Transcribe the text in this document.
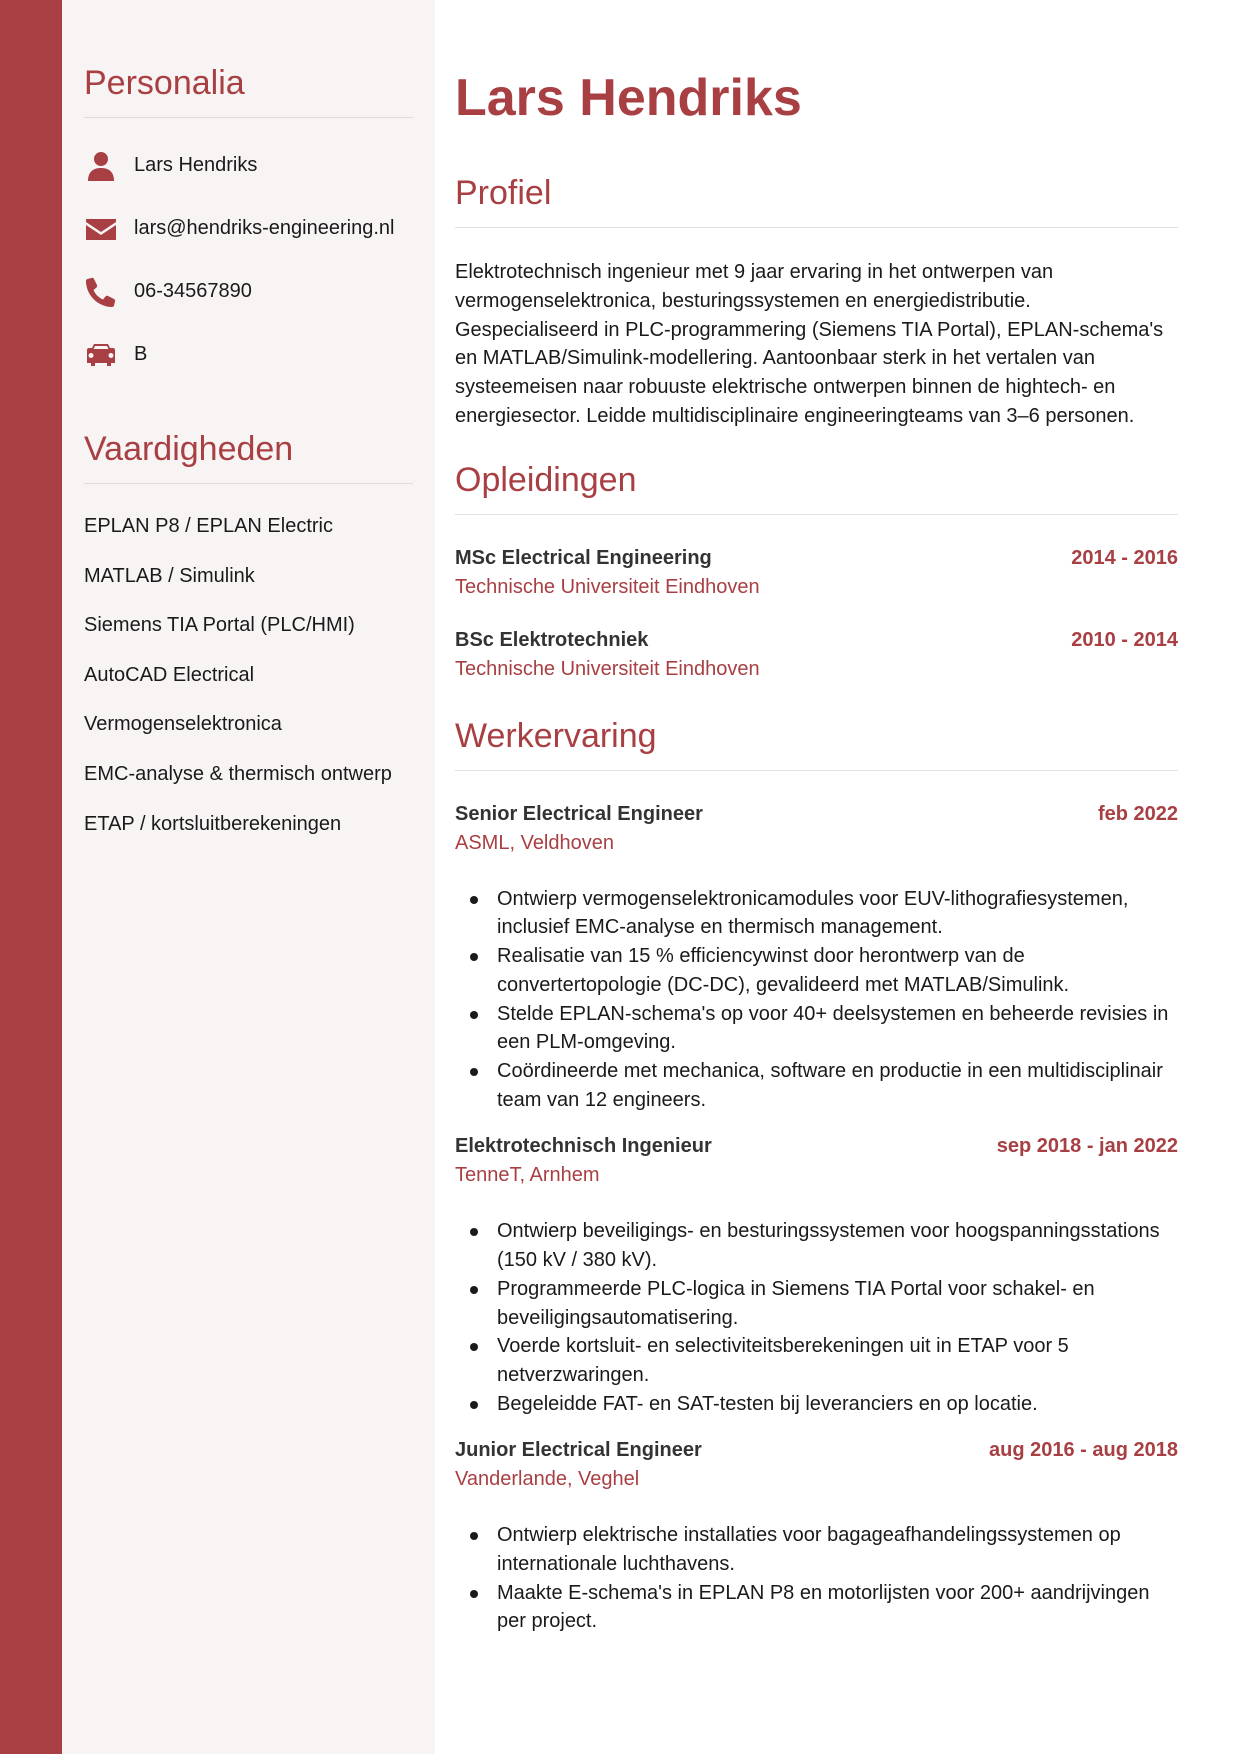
Personalia
Lars Hendriks
lars@hendriks-engineering.nl
06-34567890
B
Vaardigheden
EPLAN P8 / EPLAN Electric
MATLAB / Simulink
Siemens TIA Portal (PLC/HMI)
AutoCAD Electrical
Vermogenselektronica
EMC-analyse & thermisch ontwerp
ETAP / kortsluitberekeningen
Lars Hendriks
Profiel

Elektrotechnisch ingenieur met 9 jaar ervaring in het ontwerpen van vermogenselektronica, besturingssystemen en energiedistributie. Gespecialiseerd in PLC-programmering (Siemens TIA Portal), EPLAN-schema's en MATLAB/Simulink-modellering. Aantoonbaar sterk in het vertalen van systeemeisen naar robuuste elektrische ontwerpen binnen de hightech- en energiesector. Leidde multidisciplinaire engineeringteams van 3–6 personen.

Opleidingen
MSc Electrical Engineering	2014 - 2016
Technische Universiteit Eindhoven
BSc Elektrotechniek	2010 - 2014
Technische Universiteit Eindhoven
Werkervaring
Senior Electrical Engineer	feb 2022
ASML, Veldhoven
Ontwierp vermogenselektronicamodules voor EUV-lithografiesystemen, inclusief EMC-analyse en thermisch management.
Realisatie van 15 % efficiencywinst door herontwerp van de convertertopologie (DC-DC), gevalideerd met MATLAB/Simulink.
Stelde EPLAN-schema's op voor 40+ deelsystemen en beheerde revisies in een PLM-omgeving.
Coördineerde met mechanica, software en productie in een multidisciplinair team van 12 engineers.
Elektrotechnisch Ingenieur	sep 2018 - jan 2022
TenneT, Arnhem
Ontwierp beveiligings- en besturingssystemen voor hoogspanningsstations (150 kV / 380 kV).
Programmeerde PLC-logica in Siemens TIA Portal voor schakel- en beveiligingsautomatisering.
Voerde kortsluit- en selectiviteitsberekeningen uit in ETAP voor 5 netverzwaringen.
Begeleidde FAT- en SAT-testen bij leveranciers en op locatie.
Junior Electrical Engineer	aug 2016 - aug 2018
Vanderlande, Veghel
Ontwierp elektrische installaties voor bagageafhandelingssystemen op internationale luchthavens.
Maakte E-schema's in EPLAN P8 en motorlijsten voor 200+ aandrijvingen per project.
